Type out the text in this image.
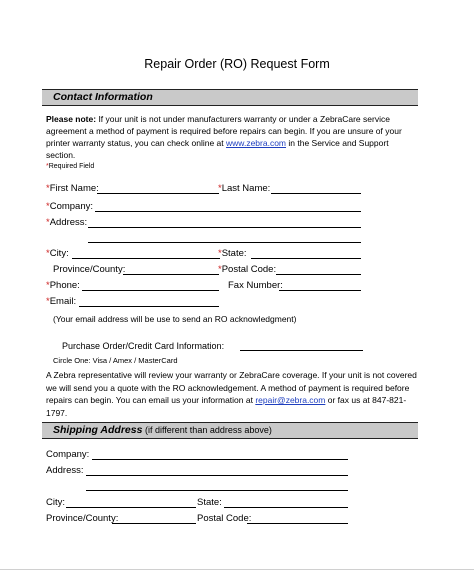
Repair Order (RO) Request Form
Contact Information
Please note: If your unit is not under manufacturers warranty or under a ZebraCare service agreement a method of payment is required before repairs can begin. If you are unsure of your printer warranty status, you can check online at www.zebra.com in the Service and Support section.
*Required Field
*First Name:	*Last Name:
*Company:
*Address:
*City:	*State:
Province/County:	*Postal Code:
*Phone:	Fax Number:
*Email:
(Your email address will be use to send an RO acknowledgment)
Purchase Order/Credit Card Information:
Circle One: Visa / Amex / MasterCard
A Zebra representative will review your warranty or ZebraCare coverage. If your unit is not covered we will send you a quote with the RO acknowledgement. A method of payment is required before repairs can begin. You can email us your information at repair@zebra.com or fax us at 847-821-1797.
Shipping Address (if different than address above)
Company:
Address:
City:	State:
Province/County:	Postal Code:
